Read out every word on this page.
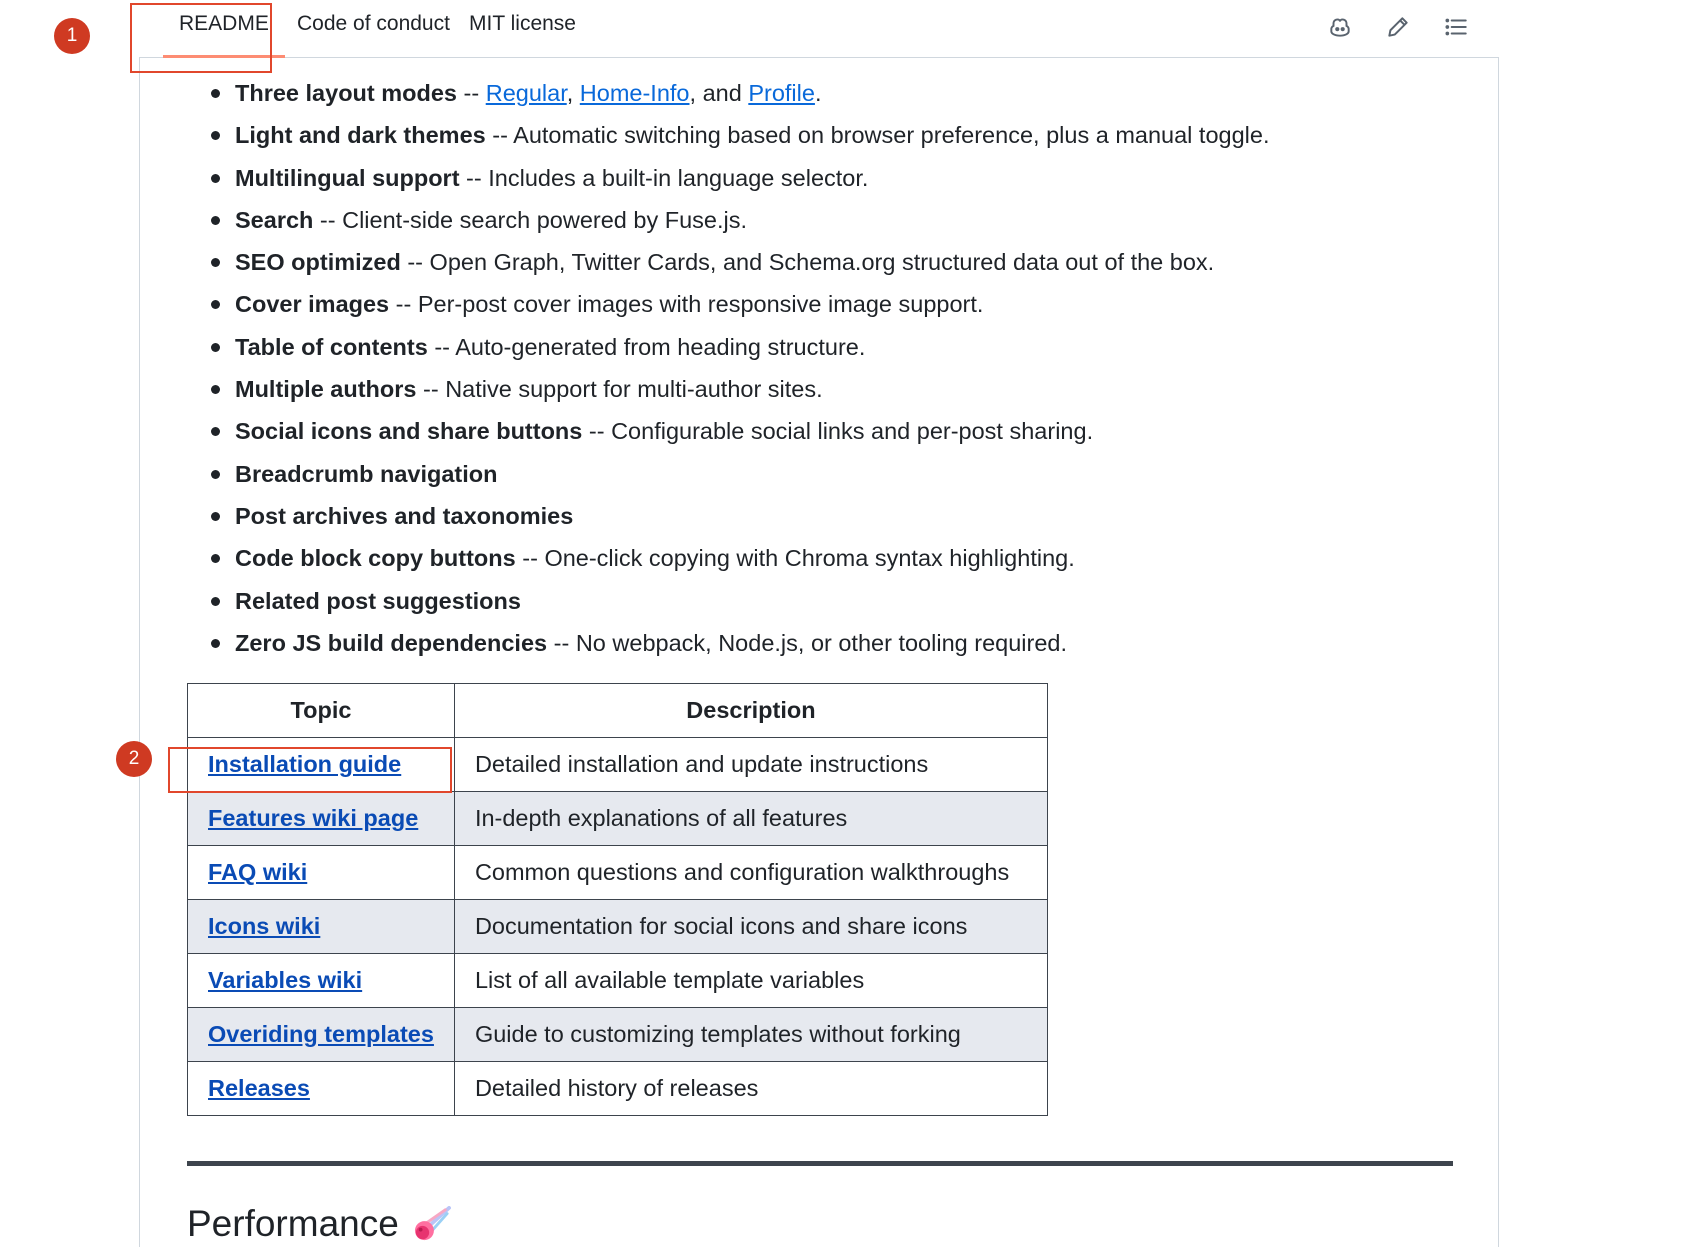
README	Code of conduct MIT license
Three layout modes -- Regular, Home-Info, and Profile.
Light and dark themes -- Automatic switching based on browser preference, plus a manual toggle.
Multilingual support -- Includes a built-in language selector.
Search -- Client-side search powered by Fuse.js.
SEO optimized -- Open Graph, Twitter Cards, and Schema.org structured data out of the box.
Cover images -- Per-post cover images with responsive image support.
Table of contents -- Auto-generated from heading structure.
Multiple authors -- Native support for multi-author sites.
Social icons and share buttons -- Configurable social links and per-post sharing.
Breadcrumb navigation
Post archives and taxonomies
Code block copy buttons -- One-click copying with Chroma syntax highlighting.
Related post suggestions
Zero JS build dependencies -- No webpack, Node.js, or other tooling required.
Topic	Description
Installation guide	Detailed installation and update instructions
Features wiki page	In-depth explanations of all features
FAQ wiki	Common questions and configuration walkthroughs
Icons wiki	Documentation for social icons and share icons
Variables wiki	List of all available template variables
Overiding templates	Guide to customizing templates without forking
Releases	Detailed history of releases
Performance
1
2
